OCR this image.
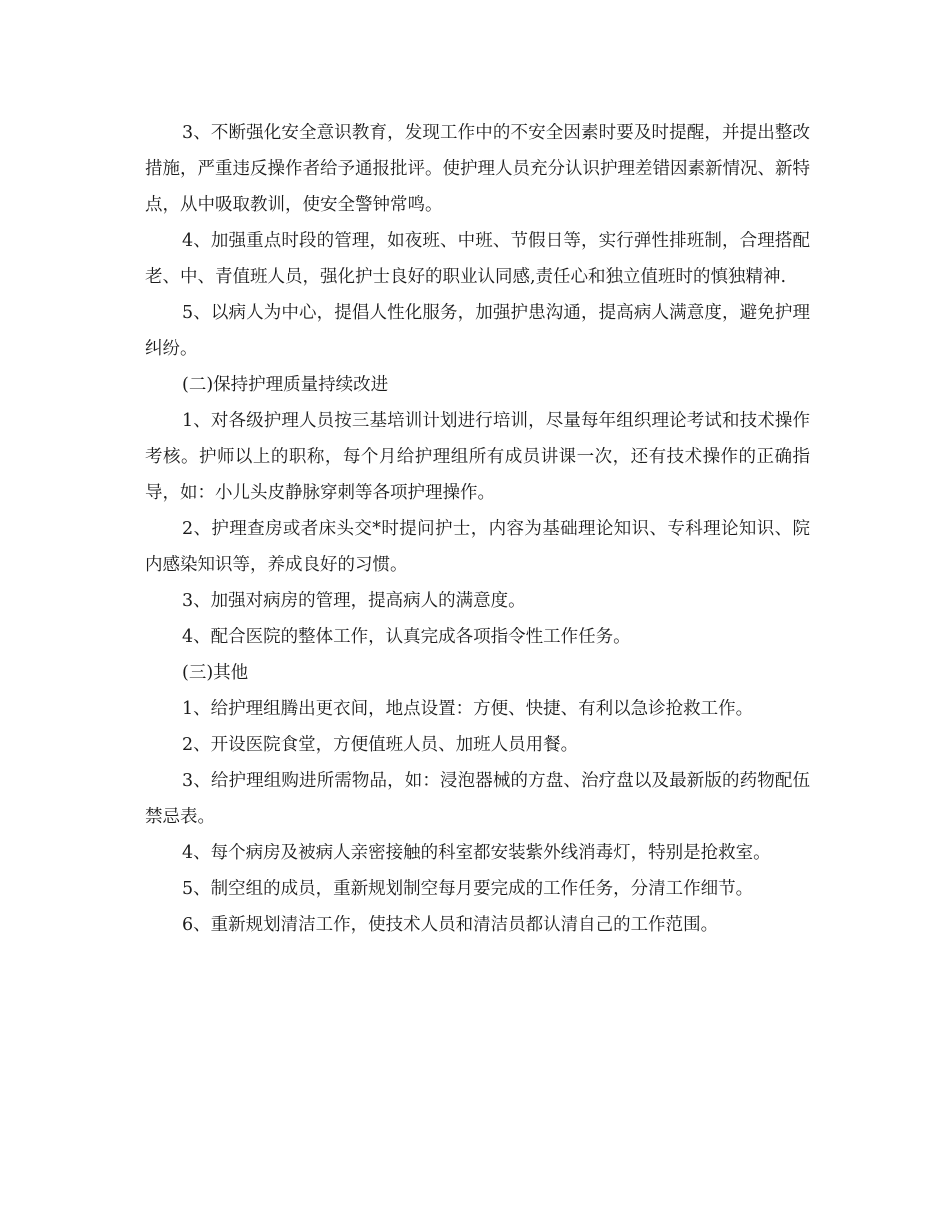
3、不断强化安全意识教育，发现工作中的不安全因素时要及时提醒，并提出整改措施，严重违反操作者给予通报批评。使护理人员充分认识护理差错因素新情况、新特点，从中吸取教训，使安全警钟常鸣。

4、加强重点时段的管理，如夜班、中班、节假日等，实行弹性排班制，合理搭配老、中、青值班人员，强化护士良好的职业认同感,责任心和独立值班时的慎独精神.

5、以病人为中心，提倡人性化服务，加强护患沟通，提高病人满意度，避免护理纠纷。

(二)保持护理质量持续改进

1、对各级护理人员按三基培训计划进行培训，尽量每年组织理论考试和技术操作考核。护师以上的职称，每个月给护理组所有成员讲课一次，还有技术操作的正确指导，如：小儿头皮静脉穿刺等各项护理操作。

2、护理查房或者床头交*时提问护士，内容为基础理论知识、专科理论知识、院内感染知识等，养成良好的习惯。

3、加强对病房的管理，提高病人的满意度。

4、配合医院的整体工作，认真完成各项指令性工作任务。

(三)其他

1、给护理组腾出更衣间，地点设置：方便、快捷、有利以急诊抢救工作。

2、开设医院食堂，方便值班人员、加班人员用餐。

3、给护理组购进所需物品，如：浸泡器械的方盘、治疗盘以及最新版的药物配伍禁忌表。

4、每个病房及被病人亲密接触的科室都安装紫外线消毒灯，特别是抢救室。

5、制空组的成员，重新规划制空每月要完成的工作任务，分清工作细节。

6、重新规划清洁工作，使技术人员和清洁员都认清自己的工作范围。
